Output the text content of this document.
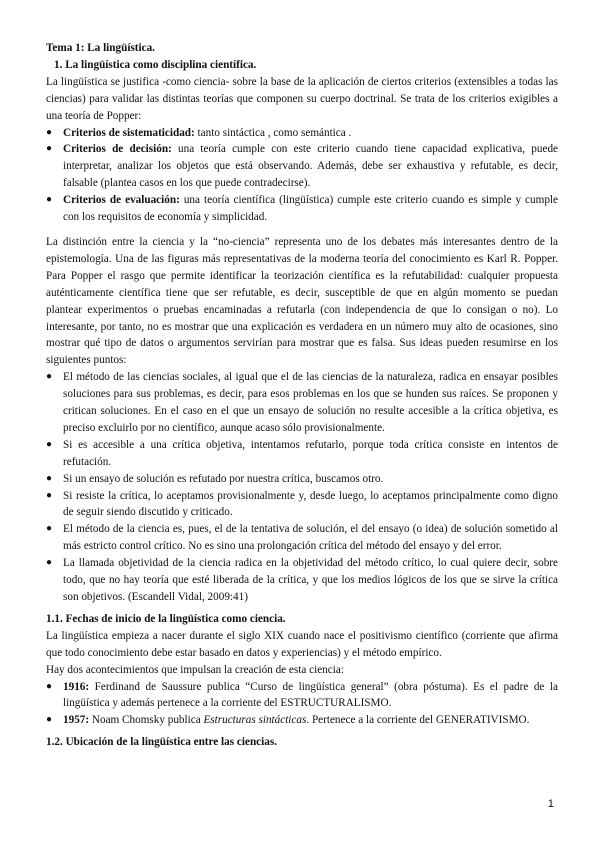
Tema 1: La lingüística.
1. La lingüística como disciplina científica.

La lingüística se justifica -como ciencia- sobre la base de la aplicación de ciertos criterios (extensibles a todas las ciencias) para validar las distintas teorías que componen su cuerpo doctrinal. Se trata de los criterios exigibles a una teoría de Popper:

● Criterios de sistematicidad: tanto sintáctica , como semántica .
● Criterios de decisión: una teoría cumple con este criterio cuando tiene capacidad explicativa, puede interpretar, analizar los objetos que está observando. Además, debe ser exhaustiva y refutable, es decir, falsable (plantea casos en los que puede contradecirse).
● Criterios de evaluación: una teoría científica (lingüística) cumple este criterio cuando es simple y cumple con los requisitos de economía y simplicidad.

La distinción entre la ciencia y la “no-ciencia” representa uno de los debates más interesantes dentro de la epistemología. Una de las figuras más representativas de la moderna teoría del conocimiento es Karl R. Popper. Para Popper el rasgo que permite identificar la teorización científica es la refutabilidad: cualquier propuesta auténticamente científica tiene que ser refutable, es decir, susceptible de que en algún momento se puedan plantear experimentos o pruebas encaminadas a refutarla (con independencia de que lo consigan o no). Lo interesante, por tanto, no es mostrar que una explicación es verdadera en un número muy alto de ocasiones, sino mostrar qué tipo de datos o argumentos servirían para mostrar que es falsa. Sus ideas pueden resumirse en los siguientes puntos:

● El método de las ciencias sociales, al igual que el de las ciencias de la naturaleza, radica en ensayar posibles soluciones para sus problemas, es decir, para esos problemas en los que se hunden sus raíces. Se proponen y critican soluciones. En el caso en el que un ensayo de solución no resulte accesible a la crítica objetiva, es preciso excluirlo por no científico, aunque acaso sólo provisionalmente.
● Si es accesible a una crítica objetiva, intentamos refutarlo, porque toda crítica consiste en intentos de refutación.
● Si un ensayo de solución es refutado por nuestra crítica, buscamos otro.
● Si resiste la crítica, lo aceptamos provisionalmente y, desde luego, lo aceptamos principalmente como digno de seguir siendo discutido y criticado.
● El método de la ciencia es, pues, el de la tentativa de solución, el del ensayo (o idea) de solución sometido al más estricto control crítico. No es sino una prolongación crítica del método del ensayo y del error.
● La llamada objetividad de la ciencia radica en la objetividad del método crítico, lo cual quiere decir, sobre todo, que no hay teoría que esté liberada de la crítica, y que los medios lógicos de los que se sirve la crítica son objetivos. (Escandell Vidal, 2009:41)
1.1. Fechas de inicio de la lingüística como ciencia.

La lingüística empieza a nacer durante el siglo XIX cuando nace el positivismo científico (corriente que afirma que todo conocimiento debe estar basado en datos y experiencias) y el método empírico.

Hay dos acontecimientos que impulsan la creación de esta ciencia:

● 1916: Ferdinand de Saussure publica “Curso de lingüística general” (obra póstuma). Es el padre de la lingüística y además pertenece a la corriente del ESTRUCTURALISMO.
● 1957: Noam Chomsky publica Estructuras sintácticas. Pertenece a la corriente del GENERATIVISMO.
1.2. Ubicación de la lingüística entre las ciencias.
1
